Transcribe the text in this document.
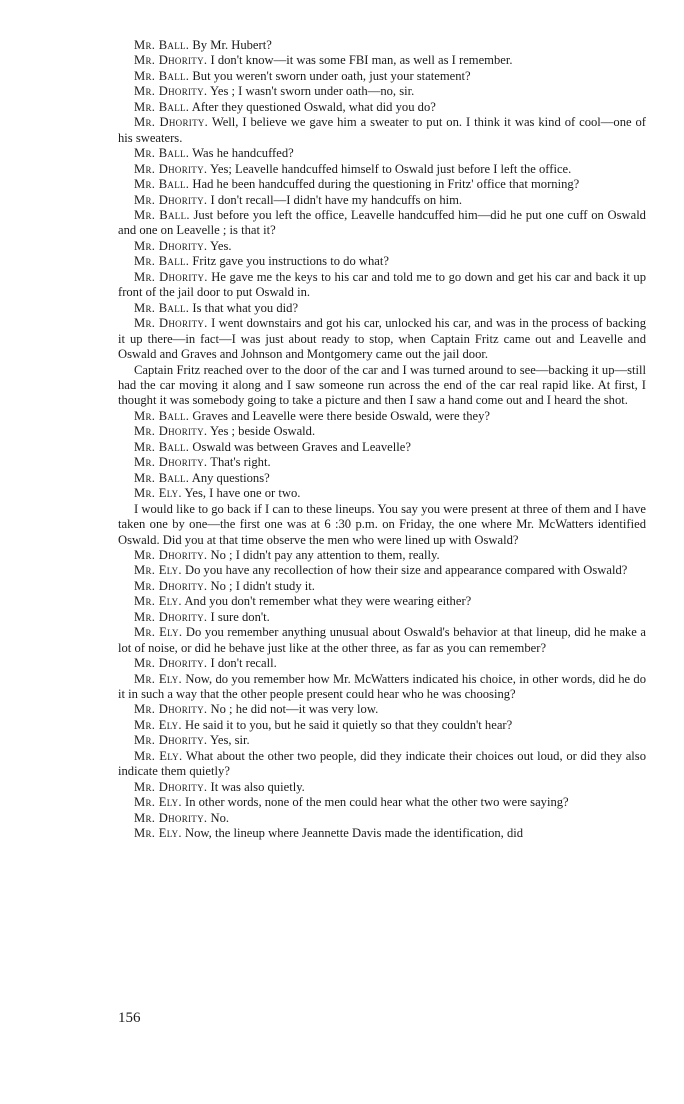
Mr. Ball. By Mr. Hubert?

Mr. Dhority. I don't know—it was some FBI man, as well as I remember.

Mr. Ball. But you weren't sworn under oath, just your statement?

Mr. Dhority. Yes ; I wasn't sworn under oath—no, sir.

Mr. Ball. After they questioned Oswald, what did you do?

Mr. Dhority. Well, I believe we gave him a sweater to put on. I think it was kind of cool—one of his sweaters.

Mr. Ball. Was he handcuffed?

Mr. Dhority. Yes; Leavelle handcuffed himself to Oswald just before I left the office.

Mr. Ball. Had he been handcuffed during the questioning in Fritz' office that morning?

Mr. Dhority. I don't recall—I didn't have my handcuffs on him.

Mr. Ball. Just before you left the office, Leavelle handcuffed him—did he put one cuff on Oswald and one on Leavelle ; is that it?

Mr. Dhority. Yes.

Mr. Ball. Fritz gave you instructions to do what?

Mr. Dhority. He gave me the keys to his car and told me to go down and get his car and back it up front of the jail door to put Oswald in.

Mr. Ball. Is that what you did?

Mr. Dhority. I went downstairs and got his car, unlocked his car, and was in the process of backing it up there—in fact—I was just about ready to stop, when Captain Fritz came out and Leavelle and Oswald and Graves and Johnson and Montgomery came out the jail door.

Captain Fritz reached over to the door of the car and I was turned around to see—backing it up—still had the car moving it along and I saw someone run across the end of the car real rapid like. At first, I thought it was somebody going to take a picture and then I saw a hand come out and I heard the shot.

Mr. Ball. Graves and Leavelle were there beside Oswald, were they?

Mr. Dhority. Yes ; beside Oswald.

Mr. Ball. Oswald was between Graves and Leavelle?

Mr. Dhority. That's right.

Mr. Ball. Any questions?

Mr. Ely. Yes, I have one or two.

I would like to go back if I can to these lineups. You say you were present at three of them and I have taken one by one—the first one was at 6 :30 p.m. on Friday, the one where Mr. McWatters identified Oswald. Did you at that time observe the men who were lined up with Oswald?

Mr. Dhority. No ; I didn't pay any attention to them, really.

Mr. Ely. Do you have any recollection of how their size and appearance compared with Oswald?

Mr. Dhority. No ; I didn't study it.

Mr. Ely. And you don't remember what they were wearing either?

Mr. Dhority. I sure don't.

Mr. Ely. Do you remember anything unusual about Oswald's behavior at that lineup, did he make a lot of noise, or did he behave just like at the other three, as far as you can remember?

Mr. Dhority. I don't recall.

Mr. Ely. Now, do you remember how Mr. McWatters indicated his choice, in other words, did he do it in such a way that the other people present could hear who he was choosing?

Mr. Dhority. No ; he did not—it was very low.

Mr. Ely. He said it to you, but he said it quietly so that they couldn't hear?

Mr. Dhority. Yes, sir.

Mr. Ely. What about the other two people, did they indicate their choices out loud, or did they also indicate them quietly?

Mr. Dhority. It was also quietly.

Mr. Ely. In other words, none of the men could hear what the other two were saying?

Mr. Dhority. No.

Mr. Ely. Now, the lineup where Jeannette Davis made the identification, did

156
